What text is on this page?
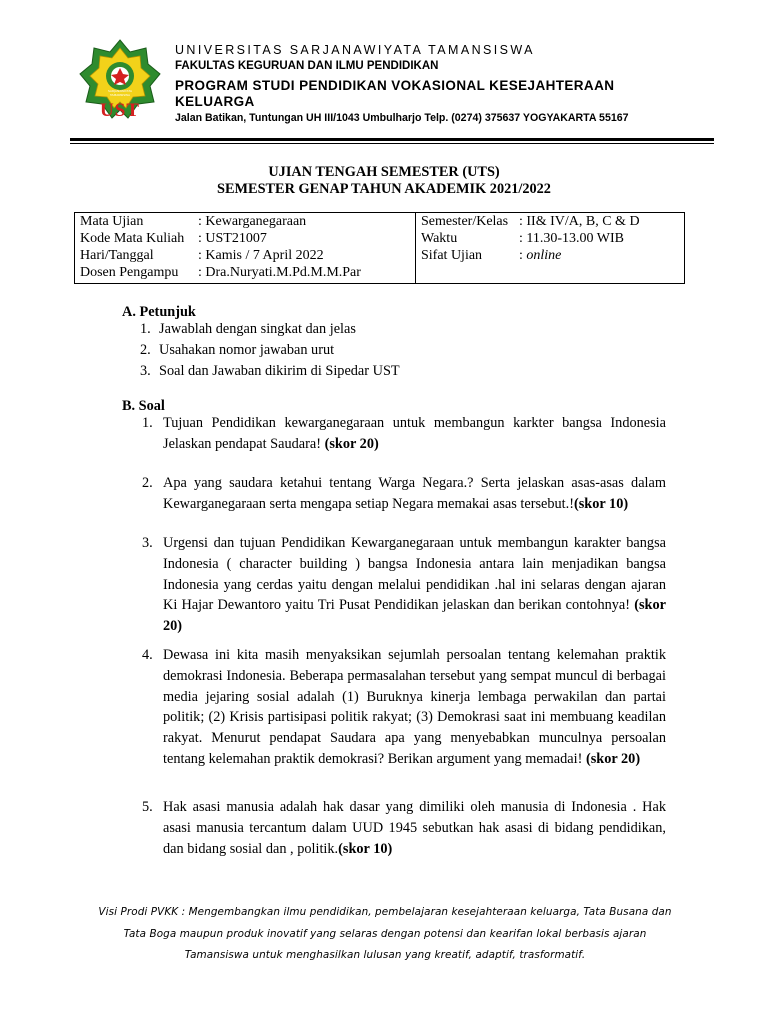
SARJANAWIYATA TAMANSISWA
UST
UNIVERSITAS SARJANAWIYATA TAMANSISWA
FAKULTAS KEGURUAN DAN ILMU PENDIDIKAN
PROGRAM STUDI PENDIDIKAN VOKASIONAL KESEJAHTERAAN KELUARGA
Jalan Batikan, Tuntungan UH III/1043 Umbulharjo Telp. (0274) 375637 YOGYAKARTA 55167
UJIAN TENGAH SEMESTER (UTS)
SEMESTER GENAP TAHUN AKADEMIK 2021/2022
Mata Ujian	: Kewarganegaraan
Kode Mata Kuliah : UST21007
Hari/Tanggal	: Kamis / 7 April 2022
Dosen Pengampu	: Dra.Nuryati.M.Pd.M.M.Par

Semester/Kelas : II& IV/A, B, C & D
Waktu	: 11.30-13.00 WIB
Sifat Ujian	: online
A. Petunjuk
1. Jawablah dengan singkat dan jelas
2. Usahakan nomor jawaban urut
3. Soal dan Jawaban dikirim di Sipedar UST
B. Soal
1. Tujuan Pendidikan kewarganegaraan untuk membangun karkter bangsa Indonesia Jelaskan pendapat Saudara! (skor 20)
2. Apa yang saudara ketahui tentang Warga Negara.? Serta jelaskan asas-asas dalam Kewarganegaraan serta mengapa setiap Negara memakai asas tersebut.!(skor 10)
3. Urgensi dan tujuan Pendidikan Kewarganegaraan untuk membangun karakter bangsa Indonesia ( character building ) bangsa Indonesia antara lain menjadikan bangsa Indonesia yang cerdas yaitu dengan melalui pendidikan .hal ini selaras dengan ajaran Ki Hajar Dewantoro yaitu Tri Pusat Pendidikan jelaskan dan berikan contohnya! (skor 20)
4. Dewasa ini kita masih menyaksikan sejumlah persoalan tentang kelemahan praktik demokrasi Indonesia. Beberapa permasalahan tersebut yang sempat muncul di berbagai media jejaring sosial adalah (1) Buruknya kinerja lembaga perwakilan dan partai politik; (2) Krisis partisipasi politik rakyat; (3) Demokrasi saat ini membuang keadilan rakyat. Menurut pendapat Saudara apa yang menyebabkan munculnya persoalan tentang kelemahan praktik demokrasi? Berikan argument yang memadai! (skor 20)
5. Hak asasi manusia adalah hak dasar yang dimiliki oleh manusia di Indonesia . Hak asasi manusia tercantum dalam UUD 1945 sebutkan hak asasi di bidang pendidikan, dan bidang sosial dan , politik.(skor 10)
Visi Prodi PVKK : Mengembangkan ilmu pendidikan, pembelajaran kesejahteraan keluarga, Tata Busana dan Tata Boga maupun produk inovatif yang selaras dengan potensi dan kearifan lokal berbasis ajaran Tamansiswa untuk menghasilkan lulusan yang kreatif, adaptif, trasformatif.
